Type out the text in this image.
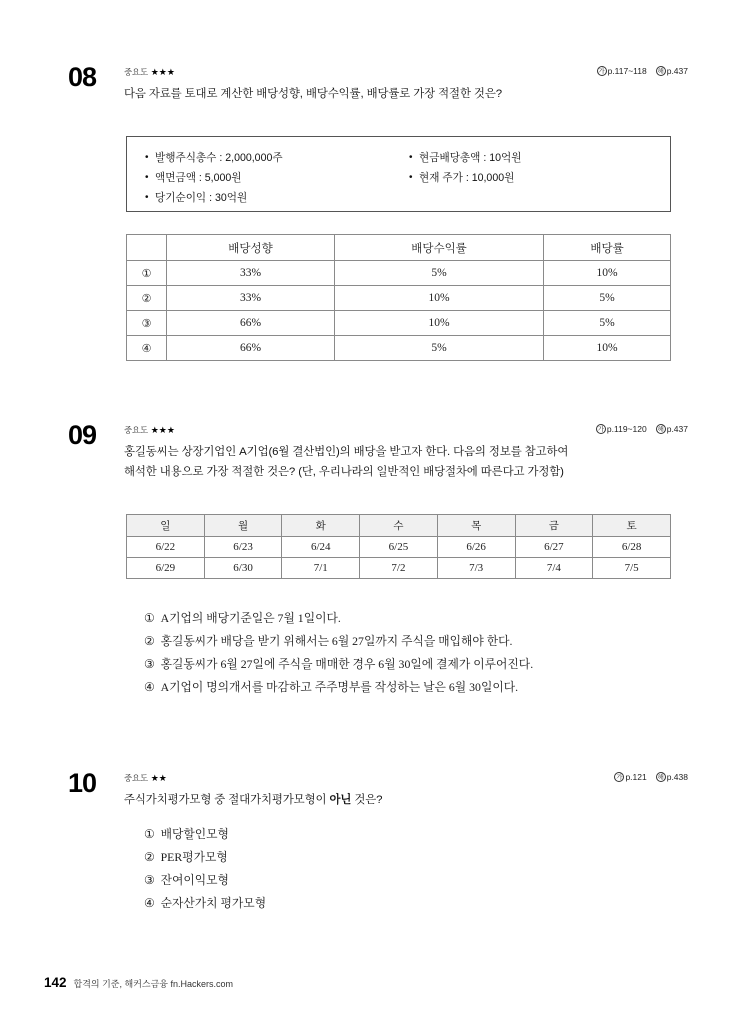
08	중요도 ★★★	가 p.117~118 해 p.437
다음 자료를 토대로 계산한 배당성향, 배당수익률, 배당률로 가장 적절한 것은?
• 발행주식총수 : 2,000,000주
• 액면금액 : 5,000원
• 당기순이익 : 30억원
• 현금배당총액 : 10억원
• 현재 주가 : 10,000원
	배당성향	배당수익률	배당률
①	33%	5%	10%
②	33%	10%	5%
③	66%	10%	5%
④	66%	5%	10%
09	중요도 ★★★	가 p.119~120 해 p.437
홍길동씨는 상장기업인 A기업(6월 결산법인)의 배당을 받고자 한다. 다음의 정보를 참고하여
해석한 내용으로 가장 적절한 것은? (단, 우리나라의 일반적인 배당절차에 따른다고 가정함)
일	월	화	수	목	금	토
6/22	6/23	6/24	6/25	6/26	6/27	6/28
6/29	6/30	7/1	7/2	7/3	7/4	7/5
① A기업의 배당기준일은 7월 1일이다.
② 홍길동씨가 배당을 받기 위해서는 6월 27일까지 주식을 매입해야 한다.
③ 홍길동씨가 6월 27일에 주식을 매매한 경우 6월 30일에 결제가 이루어진다.
④ A기업이 명의개서를 마감하고 주주명부를 작성하는 날은 6월 30일이다.
10	중요도 ★★	가 p.121 해 p.438
주식가치평가모형 중 절대가치평가모형이 아닌 것은?
① 배당할인모형
② PER평가모형
③ 잔여이익모형
④ 순자산가치 평가모형
142 합격의 기준, 해커스금융 fn.Hackers.com
